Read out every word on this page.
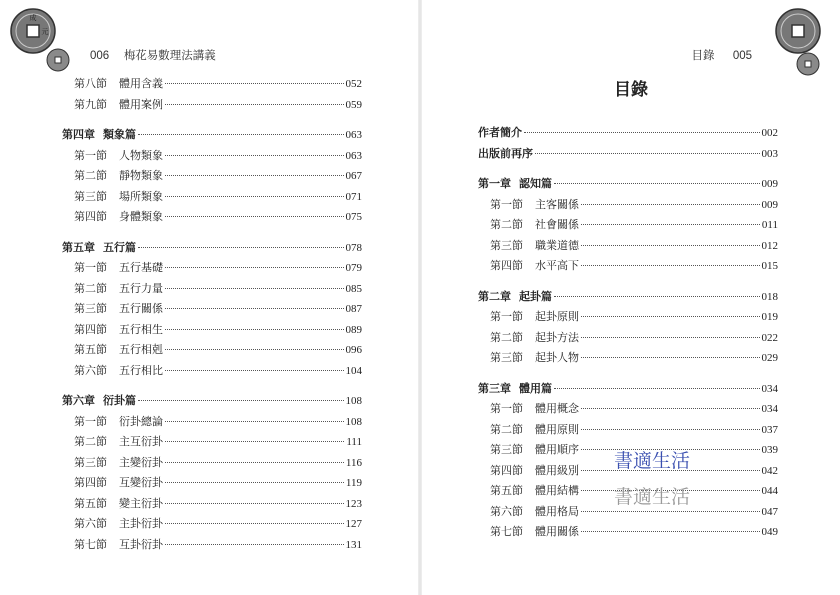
006 梅花易數理法講義
第八節 體用含義	052
第九節 體用案例	059
第四章 類象篇	063
第一節 人物類象	063
第二節 靜物類象	067
第三節 場所類象	071
第四節 身體類象	075
第五章 五行篇	078
第一節 五行基礎	079
第二節 五行力量	085
第三節 五行關係	087
第四節 五行相生	089
第五節 五行相剋	096
第六節 五行相比	104
第六章 衍卦篇	108
第一節 衍卦總論	108
第二節 主互衍卦	111
第三節 主變衍卦	116
第四節 互變衍卦	119
第五節 變主衍卦	123
第六節 主卦衍卦	127
第七節 互卦衍卦	131
成
元
目錄 005
目錄
作者簡介	002
出版前再序	003
第一章 認知篇	009
第一節 主客關係	009
第二節 社會關係	011
第三節 職業道德	012
第四節 水平高下	015
第二章 起卦篇	018
第一節 起卦原則	019
第二節 起卦方法	022
第三節 起卦人物	029
第三章 體用篇	034
第一節 體用概念	034
第二節 體用原則	037
第三節 體用順序	039
第四節 體用級別	042
第五節 體用結構	044
第六節 體用格局	047
第七節 體用關係	049
書適生活
書適生活
